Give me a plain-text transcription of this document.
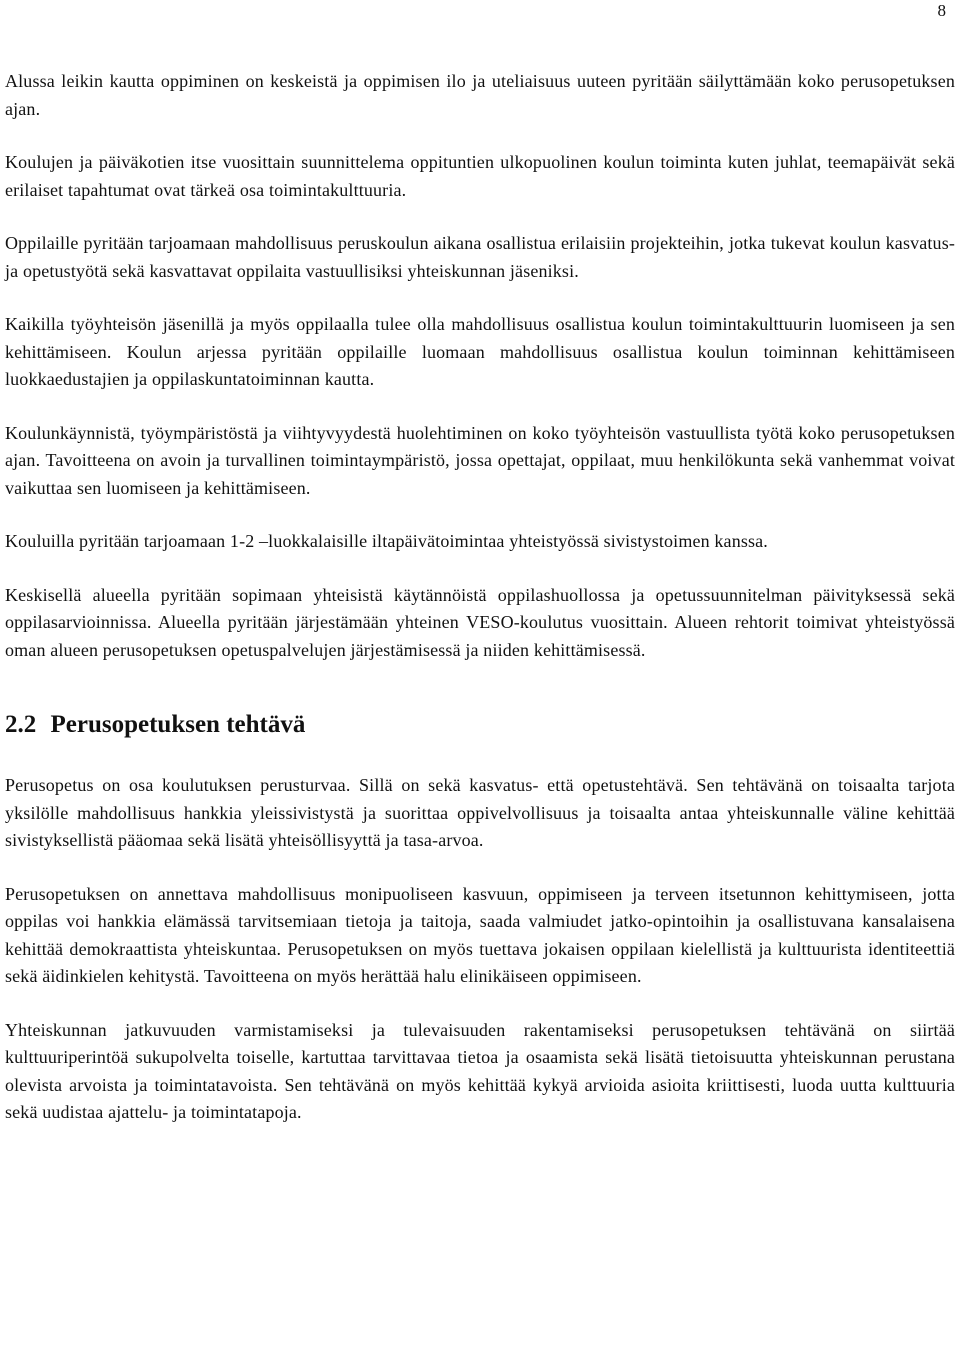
8

Alussa leikin kautta oppiminen on keskeistä ja oppimisen ilo ja uteliaisuus uuteen pyritään säilyttämään koko perusopetuksen ajan.

Koulujen ja päiväkotien itse vuosittain suunnittelema oppituntien ulkopuolinen koulun toiminta kuten juhlat, teemapäivät sekä erilaiset tapahtumat ovat tärkeä osa toimintakulttuuria.

Oppilaille pyritään tarjoamaan mahdollisuus peruskoulun aikana osallistua erilaisiin projekteihin, jotka tukevat koulun kasvatus- ja opetustyötä sekä kasvattavat oppilaita vastuullisiksi yhteiskunnan jäseniksi.

Kaikilla työyhteisön jäsenillä ja myös oppilaalla tulee olla mahdollisuus osallistua koulun toimintakulttuurin luomiseen ja sen kehittämiseen. Koulun arjessa pyritään oppilaille luomaan mahdollisuus osallistua koulun toiminnan kehittämiseen luokkaedustajien ja oppilaskuntatoiminnan kautta.

Koulunkäynnistä, työympäristöstä ja viihtyvyydestä huolehtiminen on koko työyhteisön vastuullista työtä koko perusopetuksen ajan. Tavoitteena on avoin ja turvallinen toimintaympäristö, jossa opettajat, oppilaat, muu henkilökunta sekä vanhemmat voivat vaikuttaa sen luomiseen ja kehittämiseen.

Kouluilla pyritään tarjoamaan 1-2 –luokkalaisille iltapäivätoimintaa yhteistyössä sivistystoimen kanssa.

Keskisellä alueella pyritään sopimaan yhteisistä käytännöistä oppilashuollossa ja opetussuunnitelman päivityksessä sekä oppilasarvioinnissa. Alueella pyritään järjestämään yhteinen VESO-koulutus vuosittain. Alueen rehtorit toimivat yhteistyössä oman alueen perusopetuksen opetuspalvelujen järjestämisessä ja niiden kehittämisessä.

2.2 Perusopetuksen tehtävä

Perusopetus on osa koulutuksen perusturvaa. Sillä on sekä kasvatus- että opetustehtävä. Sen tehtävänä on toisaalta tarjota yksilölle mahdollisuus hankkia yleissivistystä ja suorittaa oppivelvollisuus ja toisaalta antaa yhteiskunnalle väline kehittää sivistyksellistä pääomaa sekä lisätä yhteisöllisyyttä ja tasa-arvoa.

Perusopetuksen on annettava mahdollisuus monipuoliseen kasvuun, oppimiseen ja terveen itsetunnon kehittymiseen, jotta oppilas voi hankkia elämässä tarvitsemiaan tietoja ja taitoja, saada valmiudet jatko-opintoihin ja osallistuvana kansalaisena kehittää demokraattista yhteiskuntaa. Perusopetuksen on myös tuettava jokaisen oppilaan kielellistä ja kulttuurista identiteettiä sekä äidinkielen kehitystä. Tavoitteena on myös herättää halu elinikäiseen oppimiseen.

Yhteiskunnan jatkuvuuden varmistamiseksi ja tulevaisuuden rakentamiseksi perusopetuksen tehtävänä on siirtää kulttuuriperintöä sukupolvelta toiselle, kartuttaa tarvittavaa tietoa ja osaamista sekä lisätä tietoisuutta yhteiskunnan perustana olevista arvoista ja toimintatavoista. Sen tehtävänä on myös kehittää kykyä arvioida asioita kriittisesti, luoda uutta kulttuuria sekä uudistaa ajattelu- ja toimintatapoja.
